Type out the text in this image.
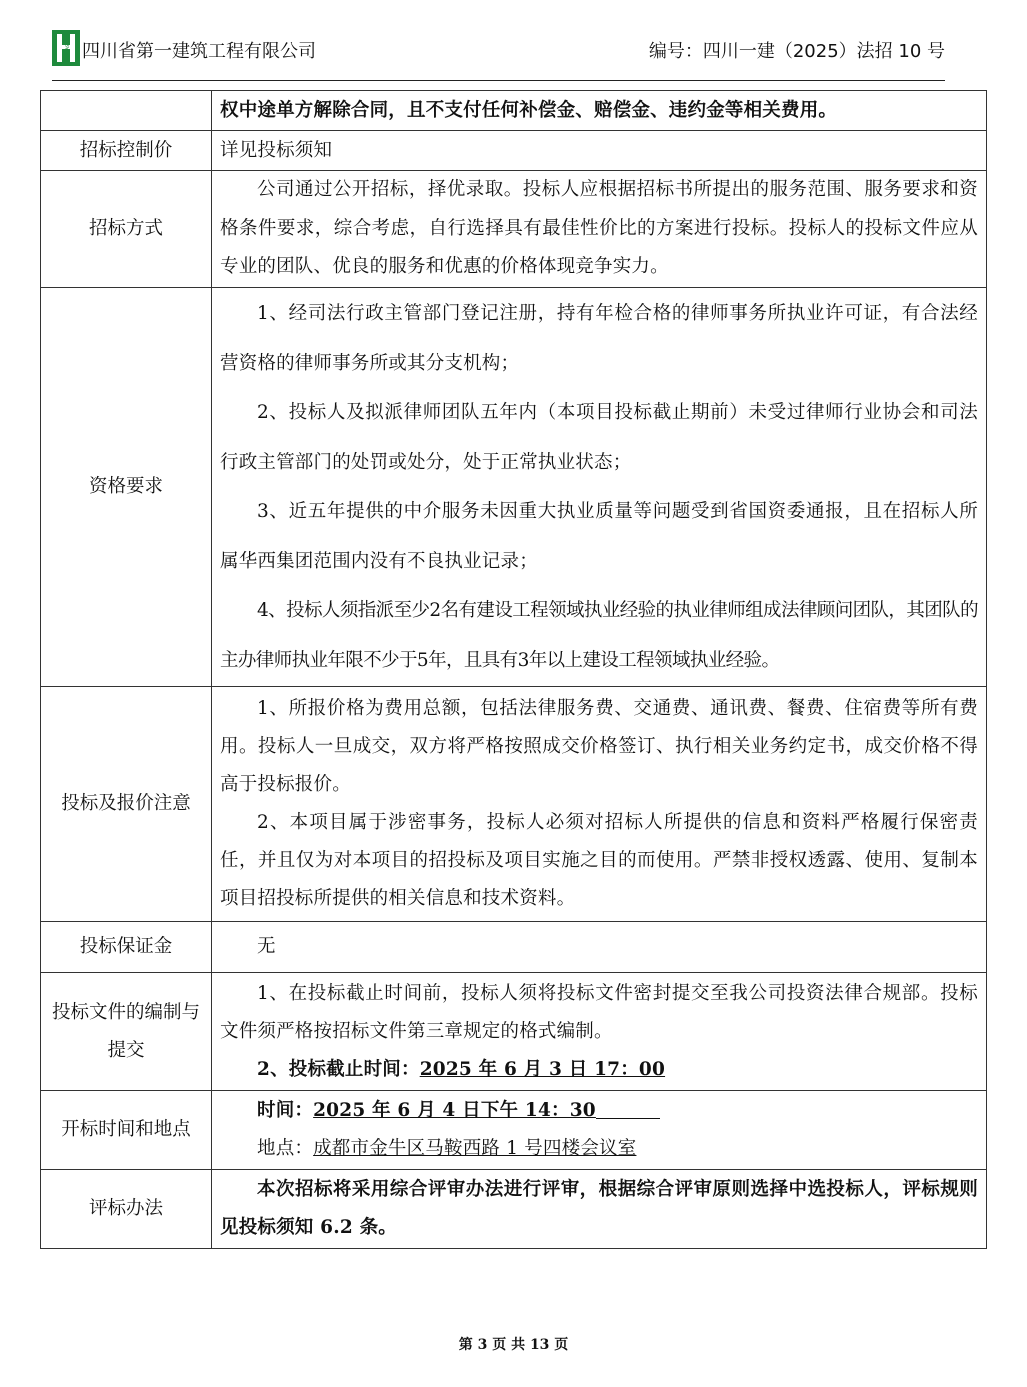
HUASHI 四川省第一建筑工程有限公司	编号：四川一建（2025）法招 10 号

	权中途单方解除合同，且不支付任何补偿金、赔偿金、违约金等相关费用。

招标控制价	详见投标须知

招标方式	公司通过公开招标，择优录取。投标人应根据招标书所提出的服务范围、服务要求和资格条件要求，综合考虑，自行选择具有最佳性价比的方案进行投标。投标人的投标文件应从专业的团队、优良的服务和优惠的价格体现竞争实力。

资格要求	1、经司法行政主管部门登记注册，持有年检合格的律师事务所执业许可证，有合法经营资格的律师事务所或其分支机构；
2、投标人及拟派律师团队五年内（本项目投标截止期前）未受过律师行业协会和司法行政主管部门的处罚或处分，处于正常执业状态；
3、近五年提供的中介服务未因重大执业质量等问题受到省国资委通报，且在招标人所属华西集团范围内没有不良执业记录；
4、投标人须指派至少2名有建设工程领域执业经验的执业律师组成法律顾问团队，其团队的主办律师执业年限不少于5年，且具有3年以上建设工程领域执业经验。

投标及报价注意	1、所报价格为费用总额，包括法律服务费、交通费、通讯费、餐费、住宿费等所有费用。投标人一旦成交，双方将严格按照成交价格签订、执行相关业务约定书，成交价格不得高于投标报价。
2、本项目属于涉密事务，投标人必须对招标人所提供的信息和资料严格履行保密责任，并且仅为对本项目的招投标及项目实施之目的而使用。严禁非授权透露、使用、复制本项目招投标所提供的相关信息和技术资料。

投标保证金	无

投标文件的编制与提交	1、在投标截止时间前，投标人须将投标文件密封提交至我公司投资法律合规部。投标文件须严格按招标文件第三章规定的格式编制。
2、投标截止时间：2025 年 6 月 3 日 17：00

开标时间和地点	时间：2025 年 6 月 4 日下午 14：30
地点：成都市金牛区马鞍西路 1 号四楼会议室

评标办法	本次招标将采用综合评审办法进行评审，根据综合评审原则选择中选投标人，评标规则见投标须知 6.2 条。
第 3 页 共 13 页
